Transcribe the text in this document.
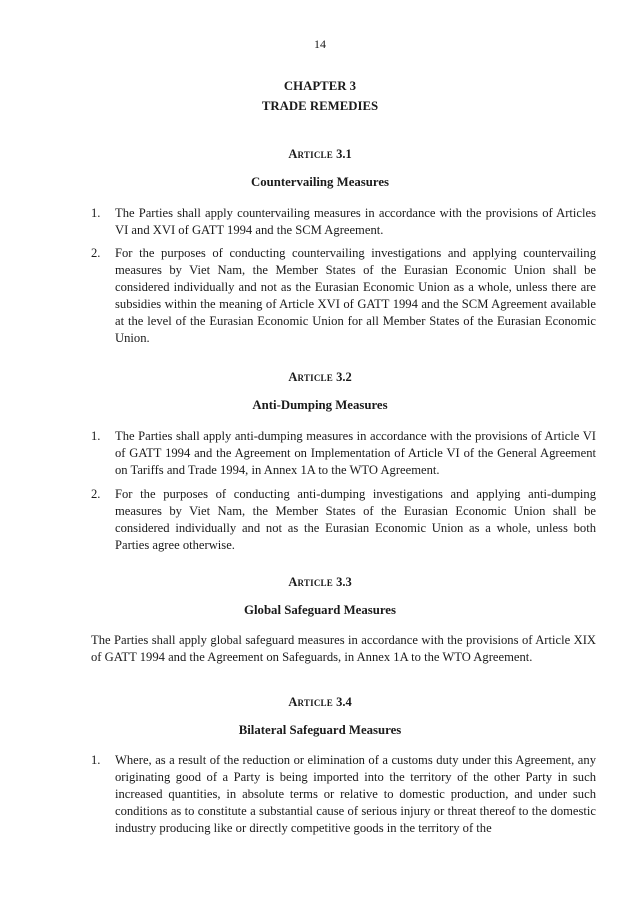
14
CHAPTER 3
TRADE REMEDIES
Article 3.1
Countervailing Measures
1. The Parties shall apply countervailing measures in accordance with the provisions of Articles VI and XVI of GATT 1994 and the SCM Agreement.
2. For the purposes of conducting countervailing investigations and applying countervailing measures by Viet Nam, the Member States of the Eurasian Economic Union shall be considered individually and not as the Eurasian Economic Union as a whole, unless there are subsidies within the meaning of Article XVI of GATT 1994 and the SCM Agreement available at the level of the Eurasian Economic Union for all Member States of the Eurasian Economic Union.
Article 3.2
Anti-Dumping Measures
1. The Parties shall apply anti-dumping measures in accordance with the provisions of Article VI of GATT 1994 and the Agreement on Implementation of Article VI of the General Agreement on Tariffs and Trade 1994, in Annex 1A to the WTO Agreement.
2. For the purposes of conducting anti-dumping investigations and applying anti-dumping measures by Viet Nam, the Member States of the Eurasian Economic Union shall be considered individually and not as the Eurasian Economic Union as a whole, unless both Parties agree otherwise.
Article 3.3
Global Safeguard Measures
The Parties shall apply global safeguard measures in accordance with the provisions of Article XIX of GATT 1994 and the Agreement on Safeguards, in Annex 1A to the WTO Agreement.
Article 3.4
Bilateral Safeguard Measures
1. Where, as a result of the reduction or elimination of a customs duty under this Agreement, any originating good of a Party is being imported into the territory of the other Party in such increased quantities, in absolute terms or relative to domestic production, and under such conditions as to constitute a substantial cause of serious injury or threat thereof to the domestic industry producing like or directly competitive goods in the territory of the
